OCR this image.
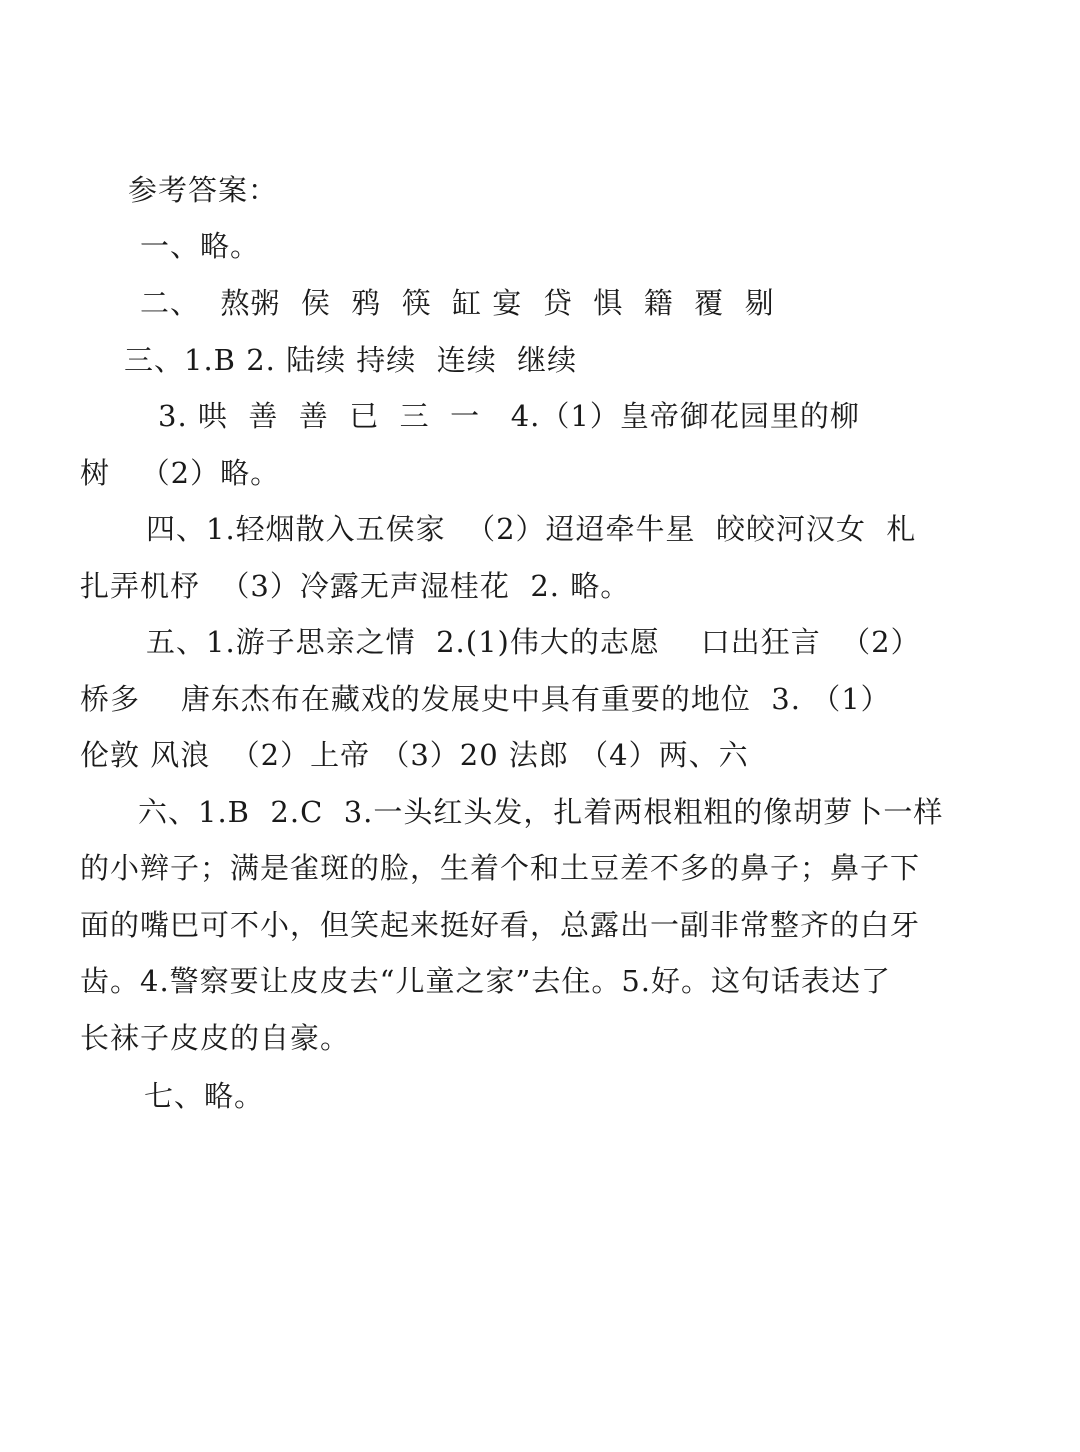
参考答案：
一、略。
二、  熬粥  侯  鸦  筷  缸 宴  贷  惧  籍  覆  剔
三、1.B 2. 陆续 持续  连续  继续
3. 哄  善  善  已  三  一   4.（1）皇帝御花园里的柳
树   （2）略。
四、1.轻烟散入五侯家  （2）迢迢牵牛星  皎皎河汉女  札
扎弄机杼  （3）冷露无声湿桂花  2. 略。
五、1.游子思亲之情  2.(1)伟大的志愿    口出狂言  （2）
桥多    唐东杰布在藏戏的发展史中具有重要的地位  3. （1）
伦敦 风浪  （2）上帝 （3）20 法郎 （4）两、六
六、1.B  2.C  3.一头红头发，扎着两根粗粗的像胡萝卜一样
的小辫子；满是雀斑的脸，生着个和土豆差不多的鼻子；鼻子下
面的嘴巴可不小，但笑起来挺好看，总露出一副非常整齐的白牙
齿。4.警察要让皮皮去“儿童之家”去住。5.好。这句话表达了
长袜子皮皮的自豪。
七、略。
